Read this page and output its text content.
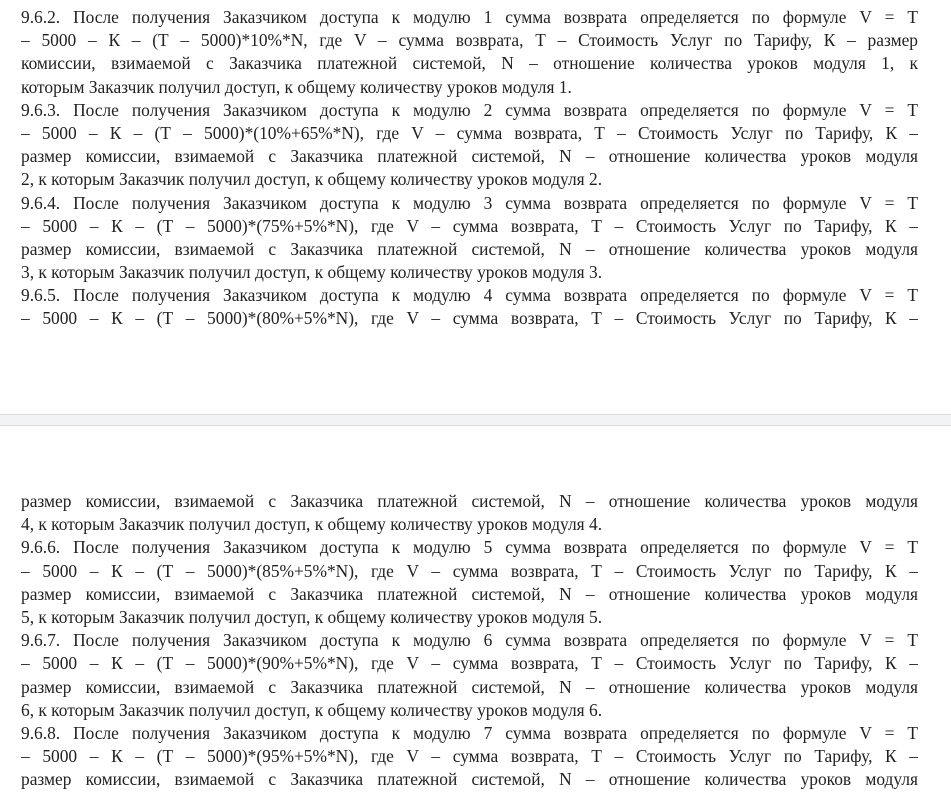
9.6.2. После получения Заказчиком доступа к модулю 1 сумма возврата определяется по формуле V = Т
– 5000 – К – (Т – 5000)*10%*N, где V – сумма возврата, Т – Стоимость Услуг по Тарифу, К – размер
комиссии, взимаемой с Заказчика платежной системой, N – отношение количества уроков модуля 1, к
которым Заказчик получил доступ, к общему количеству уроков модуля 1.
9.6.3. После получения Заказчиком доступа к модулю 2 сумма возврата определяется по формуле V = Т
– 5000 – К – (Т – 5000)*(10%+65%*N), где V – сумма возврата, Т – Стоимость Услуг по Тарифу, К –
размер комиссии, взимаемой с Заказчика платежной системой, N – отношение количества уроков модуля
2, к которым Заказчик получил доступ, к общему количеству уроков модуля 2.
9.6.4. После получения Заказчиком доступа к модулю 3 сумма возврата определяется по формуле V = Т
– 5000 – К – (Т – 5000)*(75%+5%*N), где V – сумма возврата, Т – Стоимость Услуг по Тарифу, К –
размер комиссии, взимаемой с Заказчика платежной системой, N – отношение количества уроков модуля
3, к которым Заказчик получил доступ, к общему количеству уроков модуля 3.
9.6.5. После получения Заказчиком доступа к модулю 4 сумма возврата определяется по формуле V = Т
– 5000 – К – (Т – 5000)*(80%+5%*N), где V – сумма возврата, Т – Стоимость Услуг по Тарифу, К –
размер комиссии, взимаемой с Заказчика платежной системой, N – отношение количества уроков модуля
4, к которым Заказчик получил доступ, к общему количеству уроков модуля 4.
9.6.6. После получения Заказчиком доступа к модулю 5 сумма возврата определяется по формуле V = Т
– 5000 – К – (Т – 5000)*(85%+5%*N), где V – сумма возврата, Т – Стоимость Услуг по Тарифу, К –
размер комиссии, взимаемой с Заказчика платежной системой, N – отношение количества уроков модуля
5, к которым Заказчик получил доступ, к общему количеству уроков модуля 5.
9.6.7. После получения Заказчиком доступа к модулю 6 сумма возврата определяется по формуле V = Т
– 5000 – К – (Т – 5000)*(90%+5%*N), где V – сумма возврата, Т – Стоимость Услуг по Тарифу, К –
размер комиссии, взимаемой с Заказчика платежной системой, N – отношение количества уроков модуля
6, к которым Заказчик получил доступ, к общему количеству уроков модуля 6.
9.6.8. После получения Заказчиком доступа к модулю 7 сумма возврата определяется по формуле V = Т
– 5000 – К – (Т – 5000)*(95%+5%*N), где V – сумма возврата, Т – Стоимость Услуг по Тарифу, К –
размер комиссии, взимаемой с Заказчика платежной системой, N – отношение количества уроков модуля
